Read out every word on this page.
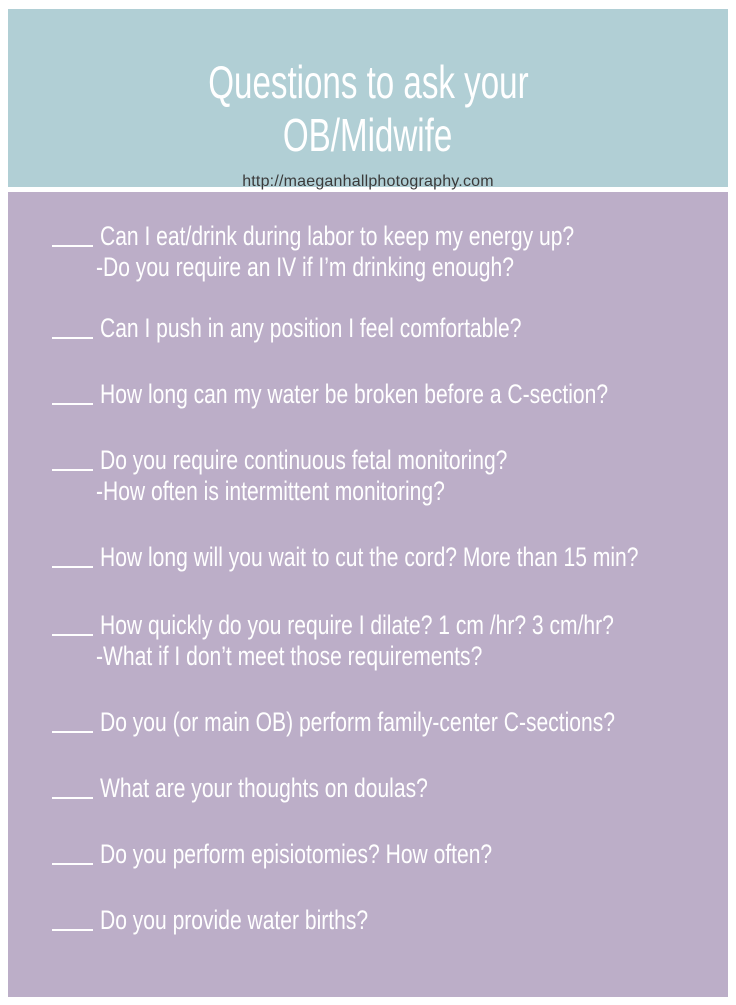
Questions to ask your
OB/Midwife
http://maeganhallphotography.com
Can I eat/drink during labor to keep my energy up?
-Do you require an IV if I’m drinking enough?
Can I push in any position I feel comfortable?
How long can my water be broken before a C-section?
Do you require continuous fetal monitoring?
-How often is intermittent monitoring?
How long will you wait to cut the cord? More than 15 min?
How quickly do you require I dilate? 1 cm /hr? 3 cm/hr?
-What if I don’t meet those requirements?
Do you (or main OB) perform family-center C-sections?
What are your thoughts on doulas?
Do you perform episiotomies? How often?
Do you provide water births?
